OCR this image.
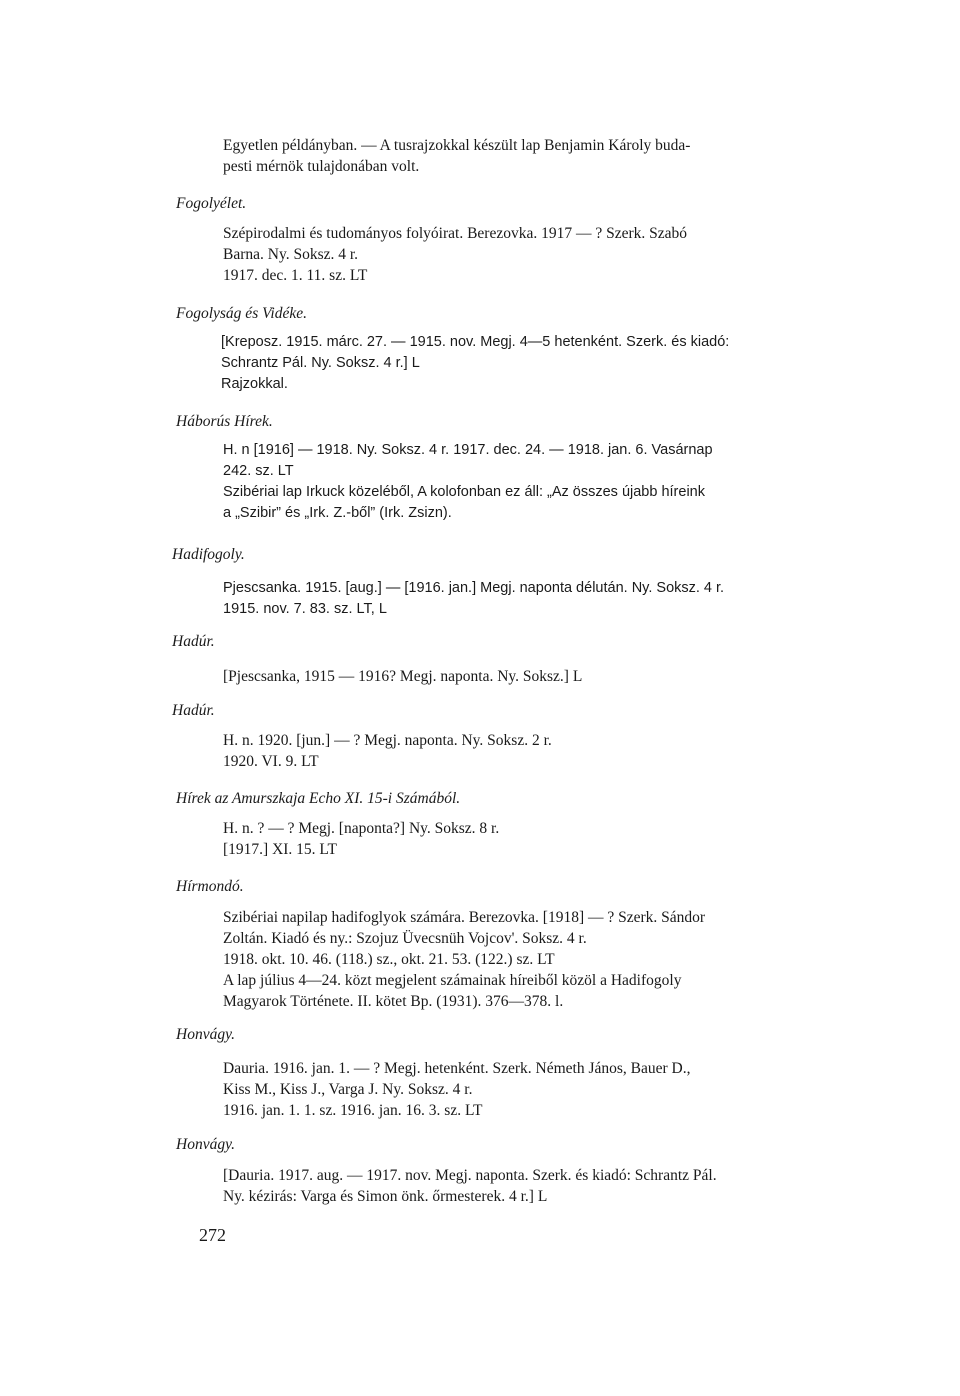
Egyetlen példányban. — A tusrajzokkal készült lap Benjamin Károly buda-

pesti mérnök tulajdonában volt.

Fogolyélet.

Szépirodalmi és tudományos folyóirat. Berezovka. 1917 — ? Szerk. Szabó

Barna. Ny. Soksz. 4 r.

1917. dec. 1. 11. sz. LT

Fogolyság és Vidéke.

[Kreposz. 1915. márc. 27. — 1915. nov. Megj. 4—5 hetenként. Szerk. és kiadó:

Schrantz Pál. Ny. Soksz. 4 r.] L

Rajzokkal.

Háborús Hírek.

H. n [1916] — 1918. Ny. Soksz. 4 r. 1917. dec. 24. — 1918. jan. 6. Vasárnap

242. sz. LT

Szibériai lap Irkuck közeléből, A kolofonban ez áll: „Az összes újabb híreink

a „Szibir” és „Irk. Z.-ből” (Irk. Zsizn).

Hadifogoly.

Pjescsanka. 1915. [aug.] — [1916. jan.] Megj. naponta délután. Ny. Soksz. 4 r.

1915. nov. 7. 83. sz. LT, L

Hadúr.

[Pjescsanka, 1915 — 1916? Megj. naponta. Ny. Soksz.] L

Hadúr.

H. n. 1920. [jun.] — ? Megj. naponta. Ny. Soksz. 2 r.

1920. VI. 9. LT

Hírek az Amurszkaja Echo XI. 15-i Számából.

H. n. ? — ? Megj. [naponta?] Ny. Soksz. 8 r.

[1917.] XI. 15. LT

Hírmondó.

Szibériai napilap hadifoglyok számára. Berezovka. [1918] — ? Szerk. Sándor

Zoltán. Kiadó és ny.: Szojuz Üvecsnüh Vojcov'. Soksz. 4 r.

1918. okt. 10. 46. (118.) sz., okt. 21. 53. (122.) sz. LT

A lap július 4—24. közt megjelent számainak híreiből közöl a Hadifogoly

Magyarok Története. II. kötet Bp. (1931). 376—378. l.

Honvágy.

Dauria. 1916. jan. 1. — ? Megj. hetenként. Szerk. Németh János, Bauer D.,

Kiss M., Kiss J., Varga J. Ny. Soksz. 4 r.

1916. jan. 1. 1. sz. 1916. jan. 16. 3. sz. LT

Honvágy.

[Dauria. 1917. aug. — 1917. nov. Megj. naponta. Szerk. és kiadó: Schrantz Pál.

Ny. kézirás: Varga és Simon önk. őrmesterek. 4 r.] L

272
